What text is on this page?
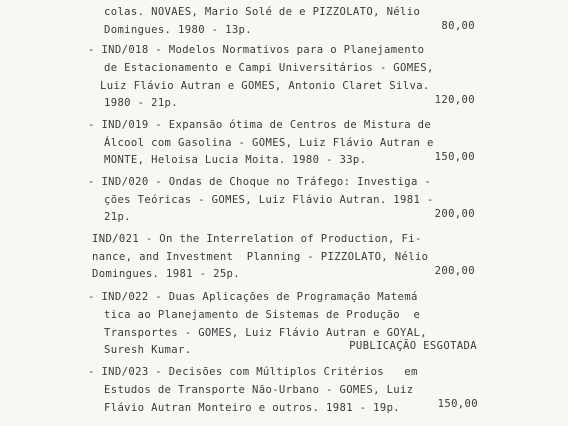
colas. NOVAES, Mario Solé de e PIZZOLATO, Nélio
Domingues. 1980 - 13p.	80,00
- IND/018 - Modelos Normativos para o Planejamento
de Estacionamento e Campi Universitários - GOMES,
Luiz Flávio Autran e GOMES, Antonio Claret Silva.
1980 - 21p.	120,00
- IND/019 - Expansão ótima de Centros de Mistura de
Álcool com Gasolina - GOMES, Luiz Flávio Autran e
MONTE, Heloisa Lucia Moita. 1980 - 33p.	150,00
- IND/020 - Ondas de Choque no Tráfego: Investiga -
ções Teóricas - GOMES, Luiz Flávio Autran. 1981 -
21p.	200,00
IND/021 - On the Interrelation of Production, Fi-
nance, and Investment  Planning - PIZZOLATO, Nélio
Domingues. 1981 - 25p.	200,00
- IND/022 - Duas Aplicações de Programação Matemá
tica ao Planejamento de Sistemas de Produção  e
Transportes - GOMES, Luiz Flávio Autran e GOYAL,
Suresh Kumar.	PUBLICAÇÃO ESGOTADA
- IND/023 - Decisões com Múltiplos Critérios   em
Estudos de Transporte Não-Urbano - GOMES, Luiz
Flávio Autran Monteiro e outros. 1981 - 19p.	150,00
